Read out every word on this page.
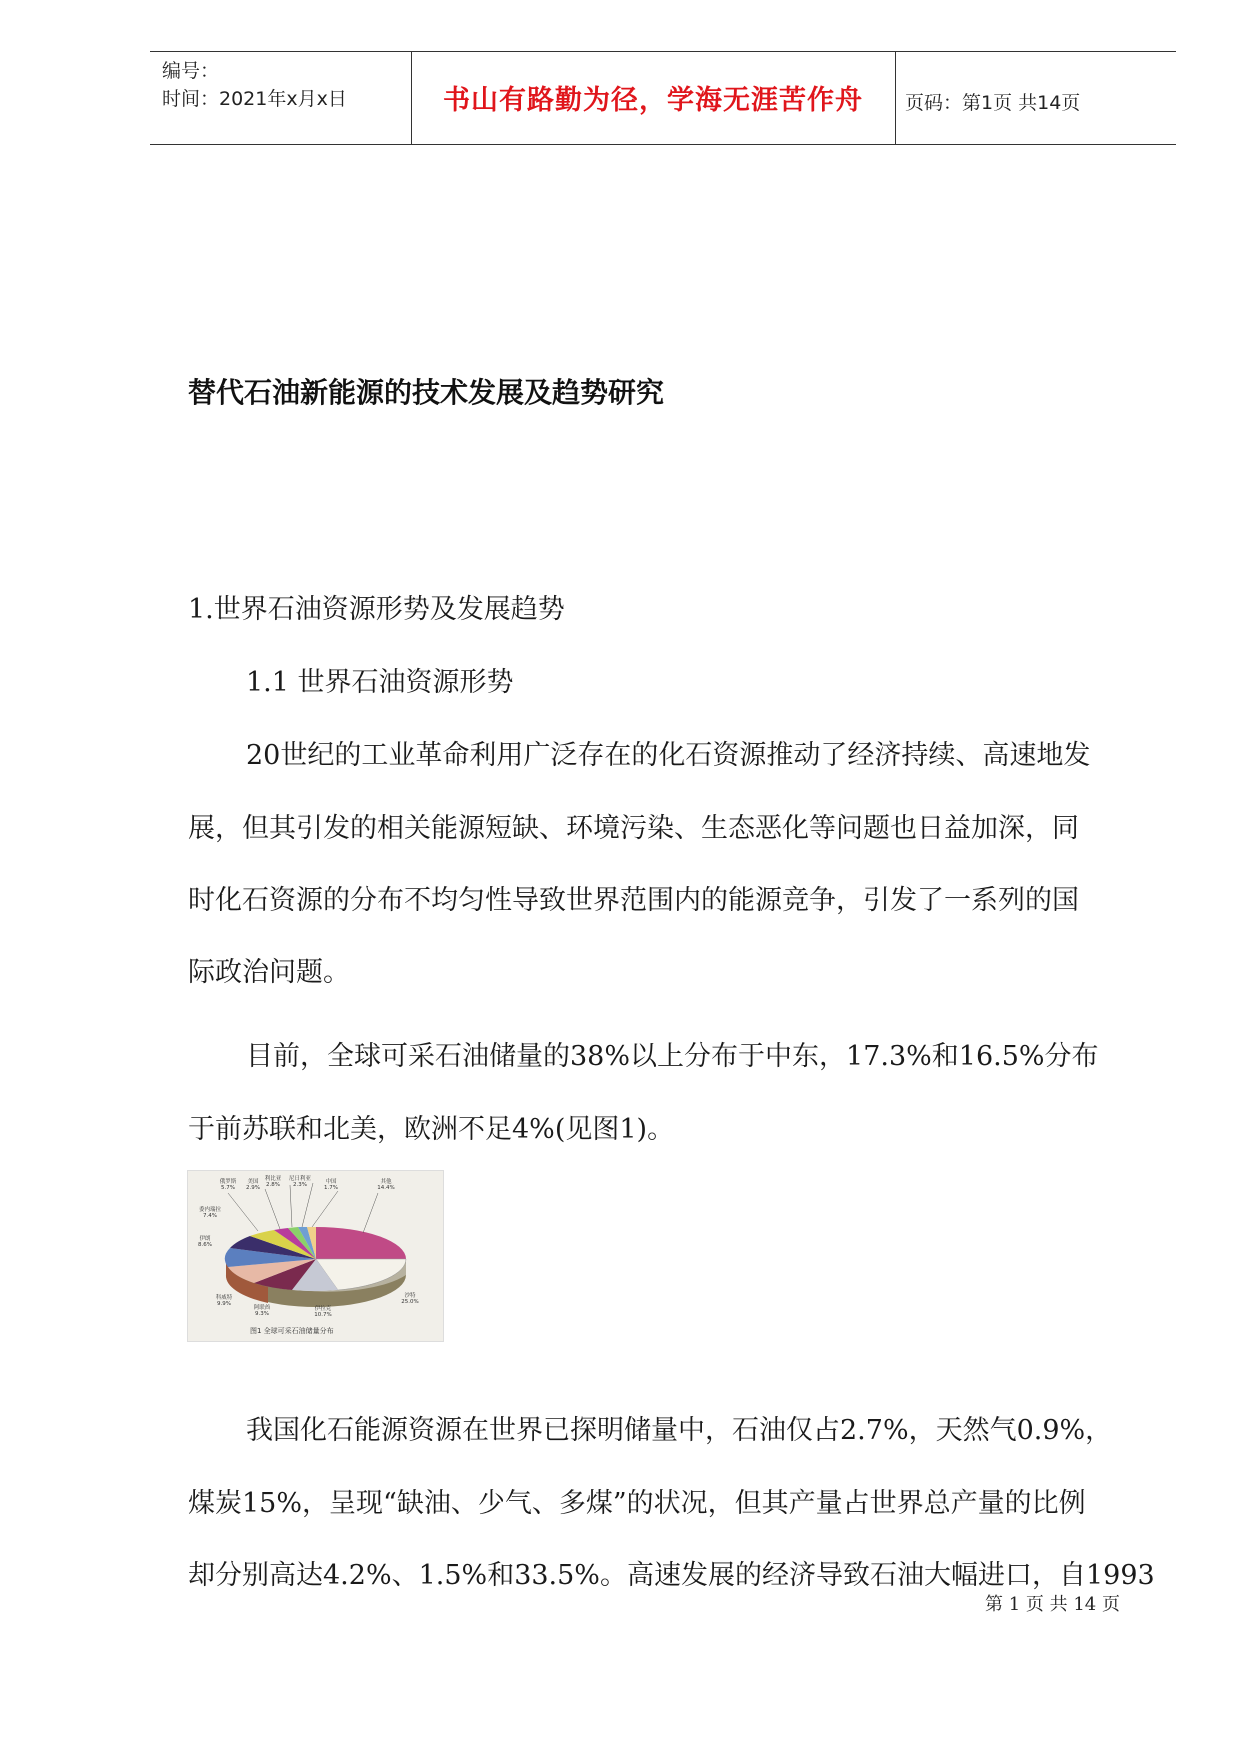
编号：
时间：2021年x月x日	书山有路勤为径，学海无涯苦作舟	页码：第1页 共14页
替代石油新能源的技术发展及趋势研究
1.世界石油资源形势及发展趋势
1.1 世界石油资源形势
20世纪的工业革命利用广泛存在的化石资源推动了经济持续、高速地发
展，但其引发的相关能源短缺、环境污染、生态恶化等问题也日益加深，同
时化石资源的分布不均匀性导致世界范围内的能源竞争，引发了一系列的国
际政治问题。
目前，全球可采石油储量的38%以上分布于中东，17.3%和16.5%分布
于前苏联和北美，欧洲不足4%(见图1)。
俄罗斯
5.7%
美国
2.9%
利比亚
2.8%
尼日利亚
2.3%	中国
1.7%
其他
14.4%
委内瑞拉
7.4%
伊朗
8.6%
科威特
9.9%
阿联酋
9.3%
伊拉克
10.7%
沙特
25.0%
图1 全球可采石油储量分布
我国化石能源资源在世界已探明储量中，石油仅占2.7%，天然气0.9%，
煤炭15%，呈现“缺油、少气、多煤”的状况，但其产量占世界总产量的比例
却分别高达4.2%、1.5%和33.5%。高速发展的经济导致石油大幅进口，自1993
第 1 页 共 14 页
